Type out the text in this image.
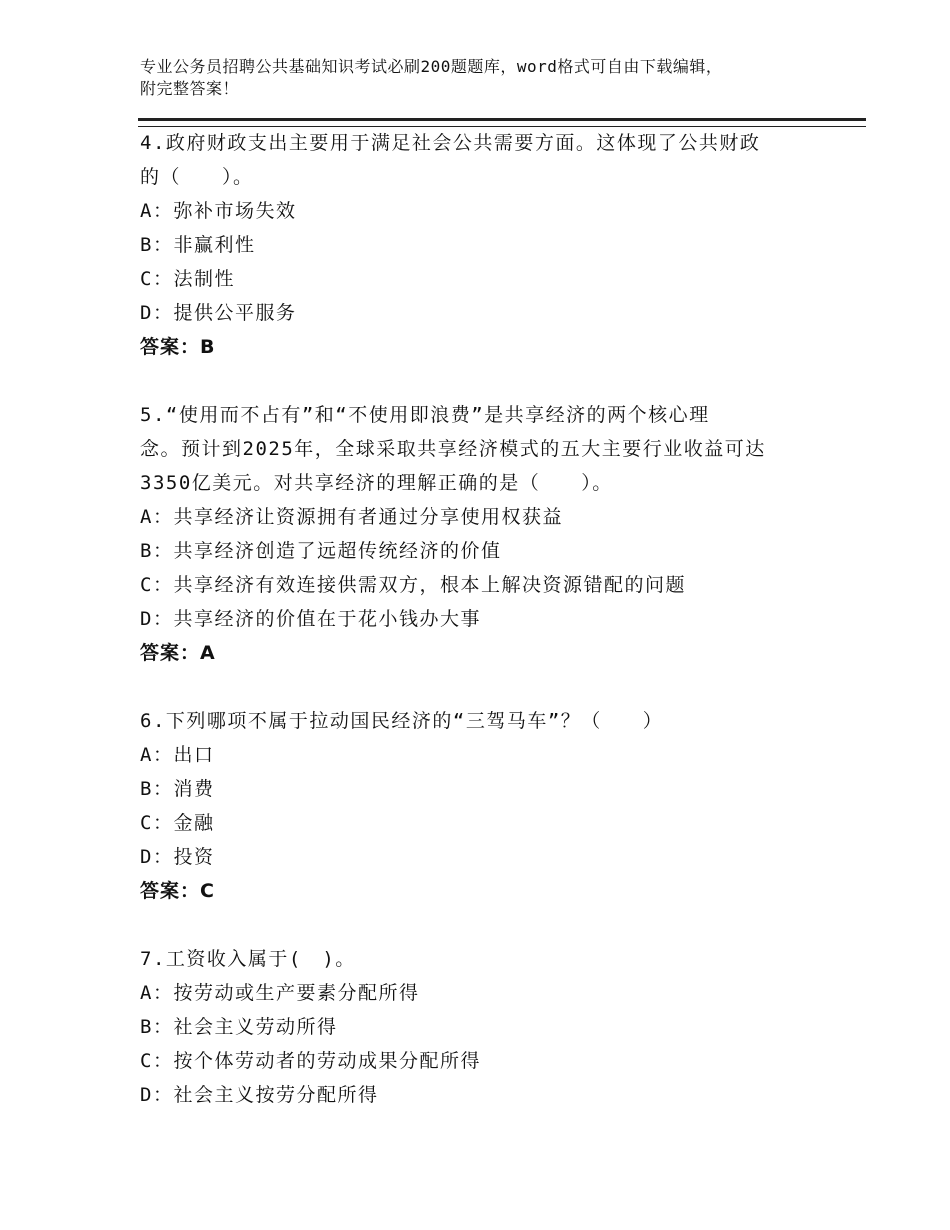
专业公务员招聘公共基础知识考试必刷200题题库，word格式可自由下载编辑，
附完整答案！
4.政府财政支出主要用于满足社会公共需要方面。这体现了公共财政
的（　　）。
A：弥补市场失效
B：非赢利性
C：法制性
D：提供公平服务
答案：B
5.“使用而不占有”和“不使用即浪费”是共享经济的两个核心理
念。预计到2025年，全球采取共享经济模式的五大主要行业收益可达
3350亿美元。对共享经济的理解正确的是（　　）。
A：共享经济让资源拥有者通过分享使用权获益
B：共享经济创造了远超传统经济的价值
C：共享经济有效连接供需双方，根本上解决资源错配的问题
D：共享经济的价值在于花小钱办大事
答案：A
6.下列哪项不属于拉动国民经济的“三驾马车”？（　　）
A：出口
B：消费
C：金融
D：投资
答案：C
7.工资收入属于(　)。
A：按劳动或生产要素分配所得
B：社会主义劳动所得
C：按个体劳动者的劳动成果分配所得
D：社会主义按劳分配所得
